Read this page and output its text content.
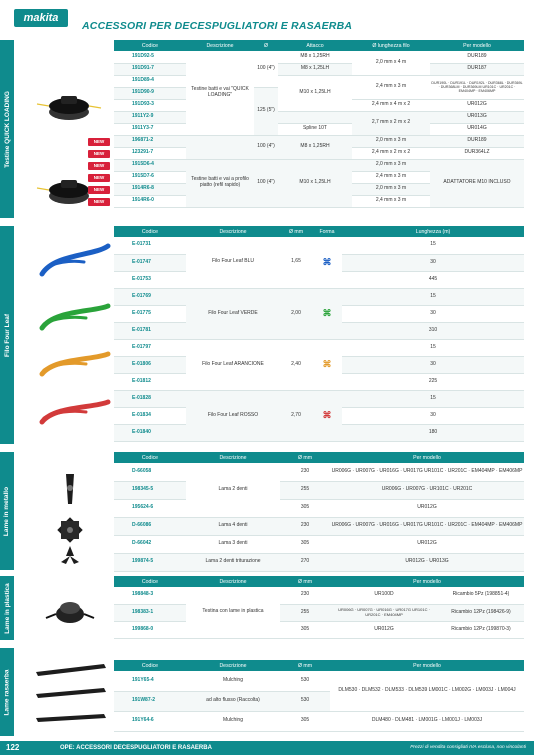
makita
ACCESSORI PER DECESPUGLIATORI E RASAERBA
Testine QUICK LOADING
Codice	Descrizione	Ø	Attacco	Ø lunghezza filo	Per modello
191D92-5	Testine batti e vai "QUICK LOADING"	100 (4")	M8 x 1,25RH	2,0 mm x 4 m	DUR189
191D91-7			M8 x 1,25LH		DUR187
191D89-4			M10 x 1,25LH	2,4 mm x 3 m	DUR190L · DUR191L · DUR192L · DUR368L · DUR369L · DUR368LM · DUR369LM UR101C · UR201C · EM404MP · EM406MP
191D90-9		125 (5")			
191D93-3				2,4 mm x 4 m x 2	UR012G
1911Y2-9				2,7 mm x 2 m x 2	UR013G
1911Y3-7			Spline 10T		UR014G

NEW 196871-2		100 (4")	M8 x 1,25RH	2,0 mm x 3 m	DUR189

NEW 123291-7				2,4 mm x 2 m x 2	DUR364LZ

NEW 1915D6-4	Testine batti e vai a profilo piatto (refil rapido)	100 (4")	M10 x 1,25LH	2,0 mm x 3 m	ADATTATORE M10 INCLUSO

NEW 1915D7-6				2,4 mm x 3 m	

NEW 1914R6-8				2,0 mm x 3 m	

NEW 1914R6-0				2,4 mm x 3 m	
Filo Four Leaf
Codice	Descrizione	Ø mm	Forma	Lunghezza (m)
E-01731	Filo Four Leaf BLU	1,65	⌘	15
E-01747				30
E-01753				445
E-01769	Filo Four Leaf VERDE	2,00	⌘	15
E-01775				30
E-01781				310
E-01797	Filo Four Leaf ARANCIONE	2,40	⌘	15
E-01806				30
E-01812				225
E-01828	Filo Four Leaf ROSSO	2,70	⌘	15
E-01834				30
E-01840				180
Lame in metallo
Codice	Descrizione	Ø mm	Per modello
D-66058	Lama 2 denti	230	UR006G · UR007G · UR016G · UR017G UR101C · UR201C · EM404MP · EM406MP
198345-5		255	UR006G · UR007G · UR101C · UR201C
195624-6		305	UR012G
D-66086	Lama 4 denti	230	UR006G · UR007G · UR016G · UR017G UR101C · UR201C · EM404MP · EM406MP
D-66042	Lama 3 denti	305	UR012G
199874-5	Lama 2 denti triturazione	270	UR012G · UR013G
Lame in plastica
Codice	Descrizione	Ø mm	Per modello	
198848-3	Testina con lame in plastica	230	UR100D	Ricambio 5Pz (198851-4)
198383-1		255	UR006G · UR007G · UR016G · UR017G UR101C · UR201C · EM404MP	Ricambio 12Pz (198426-9)
199868-0		305	UR012G	Ricambio 12Pz (199870-3)
Lame rasaerba
Codice	Descrizione	Ø mm	Per modello
191Y65-4	Mulching	530	DLM530 · DLM532 · DLM533 · DLM539 LM001C · LM002G · LM003J · LM004J
191W87-2	ad alto flusso (Raccolta)	530	
191Y64-6	Mulching	305	DLM480 · DLM481 · LM001G · LM001J · LM003J
122	OPE: ACCESSORI DECESPUGLIATORI E RASAERBA	Prezzi di vendita consigliati IVA esclusa, non vincolanti
